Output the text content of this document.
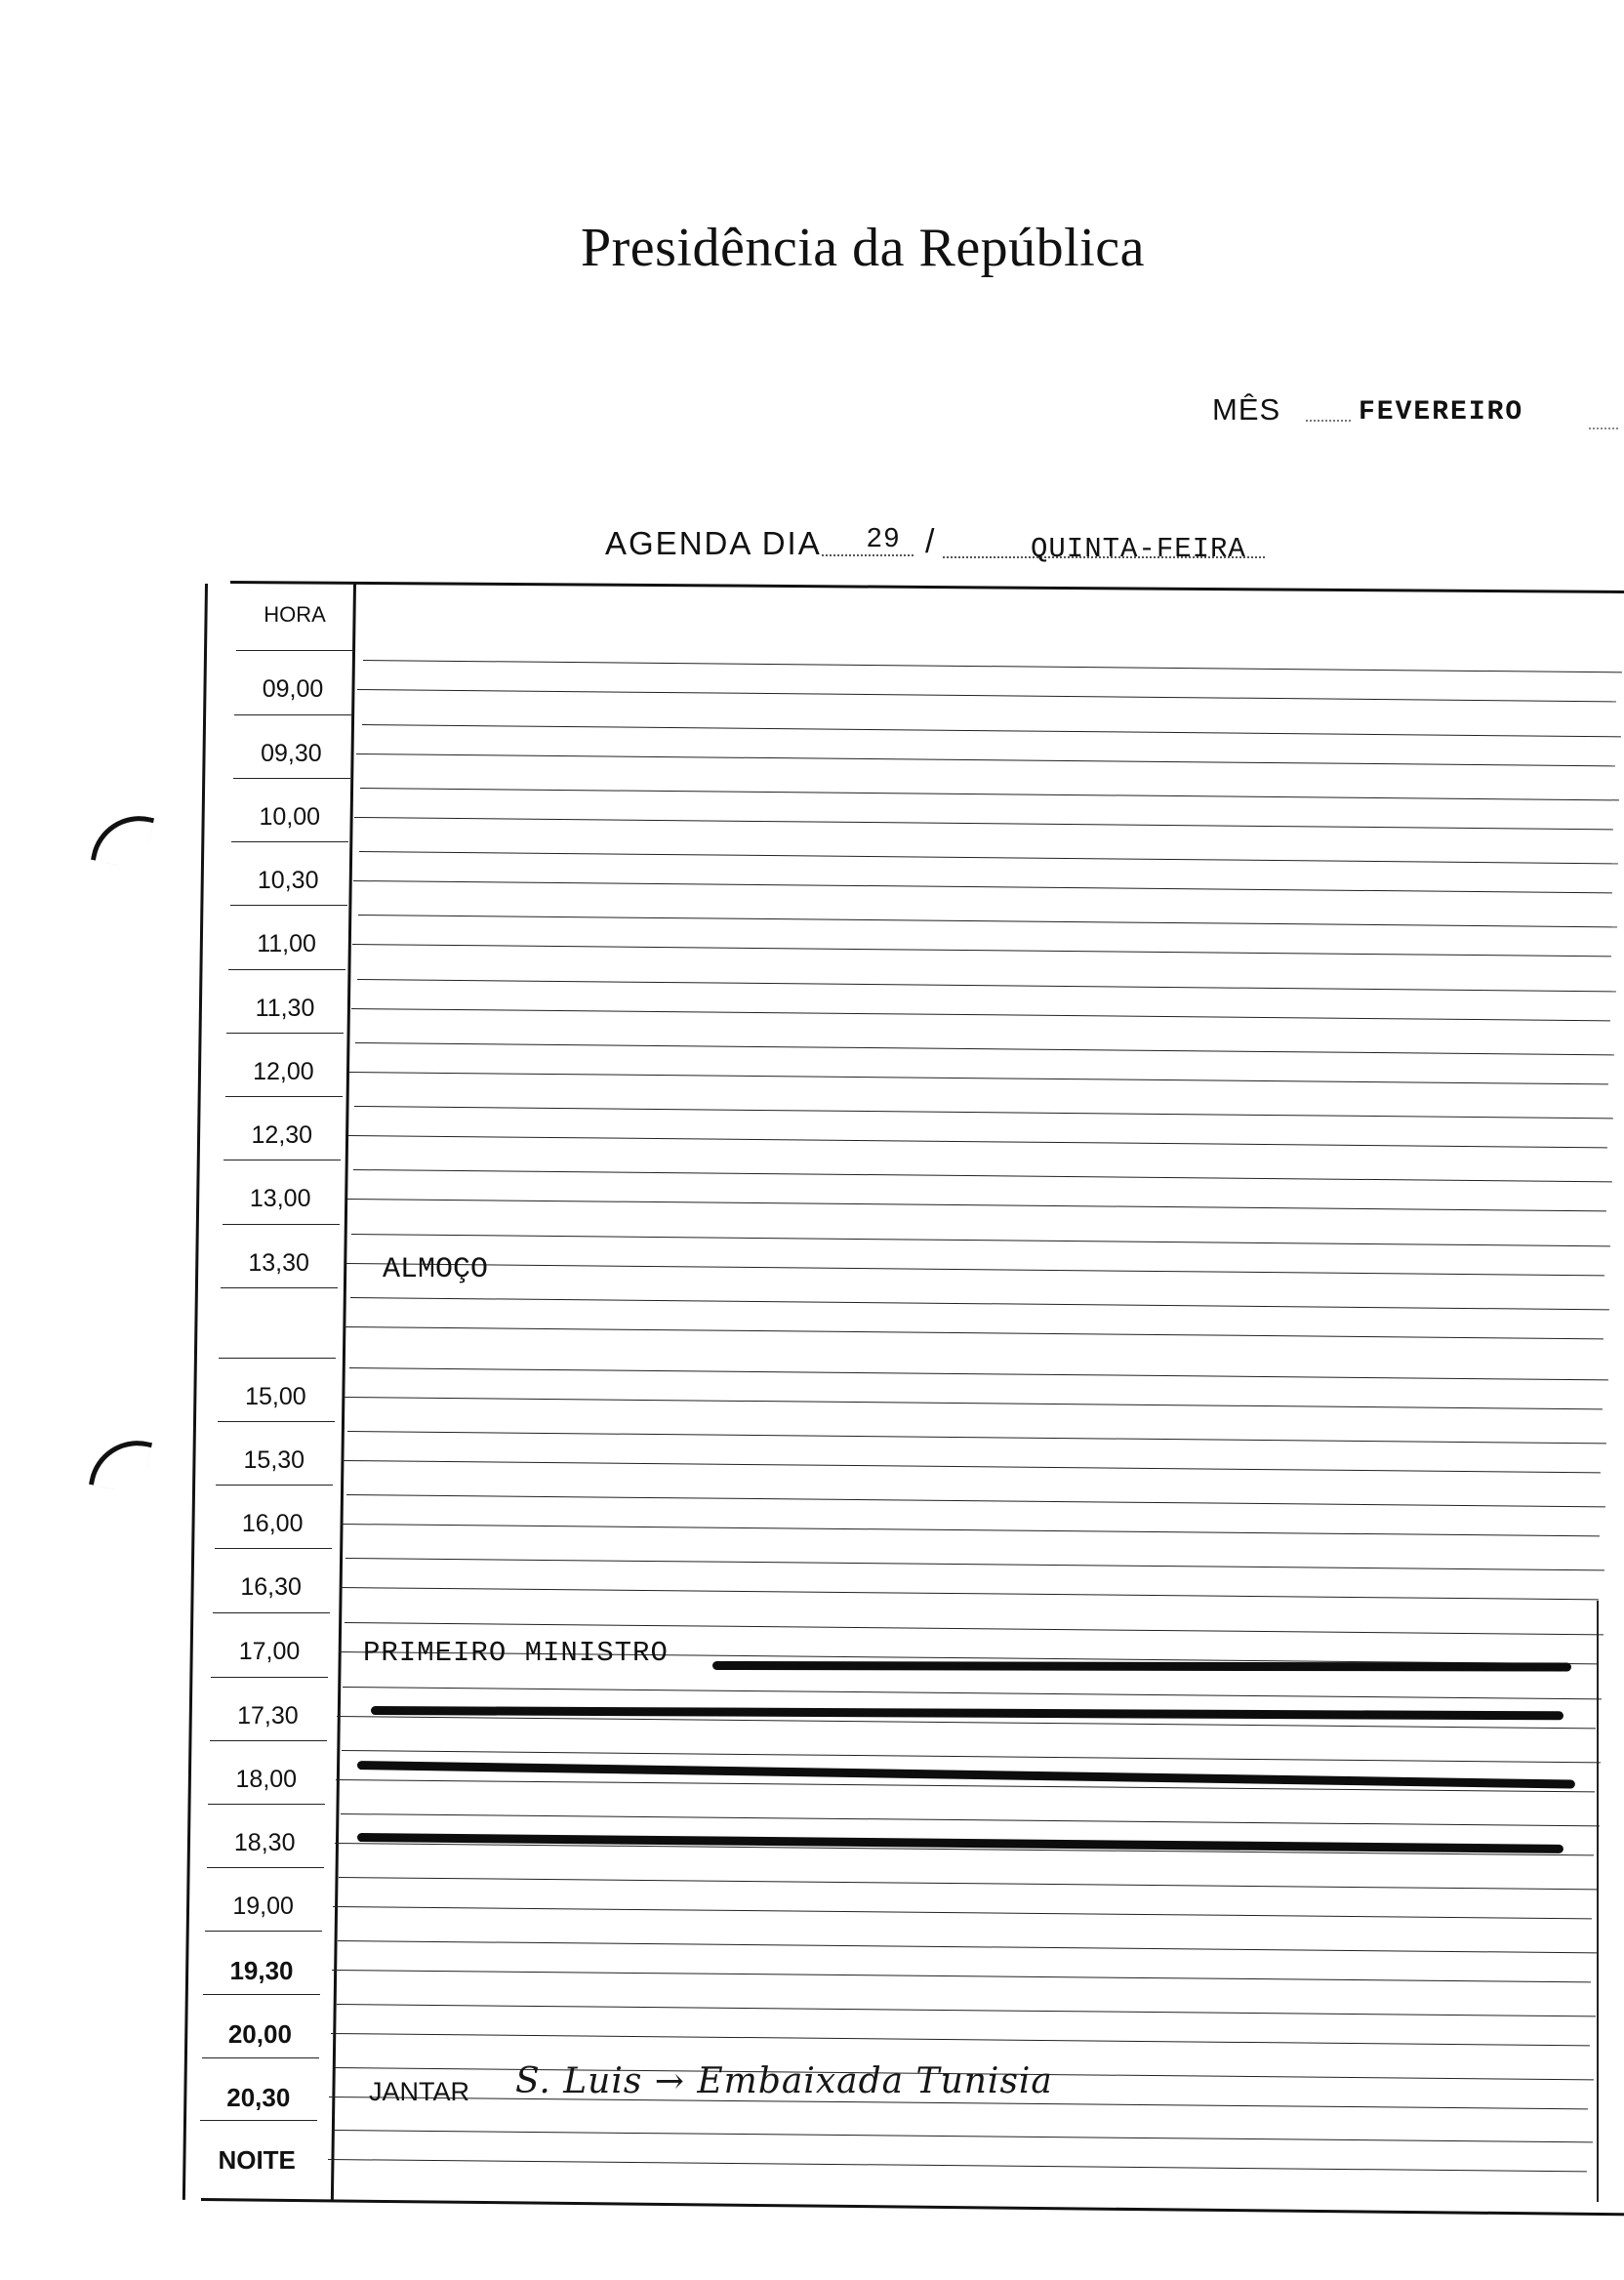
Presidência da República
MÊS	FEVEREIRO
AGENDA DIA 29 /	QUINTA-FEIRA
HORA
09,00
09,30
10,00
10,30
11,00
11,30
12,00
12,30
13,00
13,30
15,00
15,30
16,00
16,30
17,00
17,30
18,00
18,30
19,00
19,30
20,00
20,30
NOITE
ALMOÇO
PRIMEIRO MINISTRO
JANTAR S. Luis → Embaixada Tunisia
